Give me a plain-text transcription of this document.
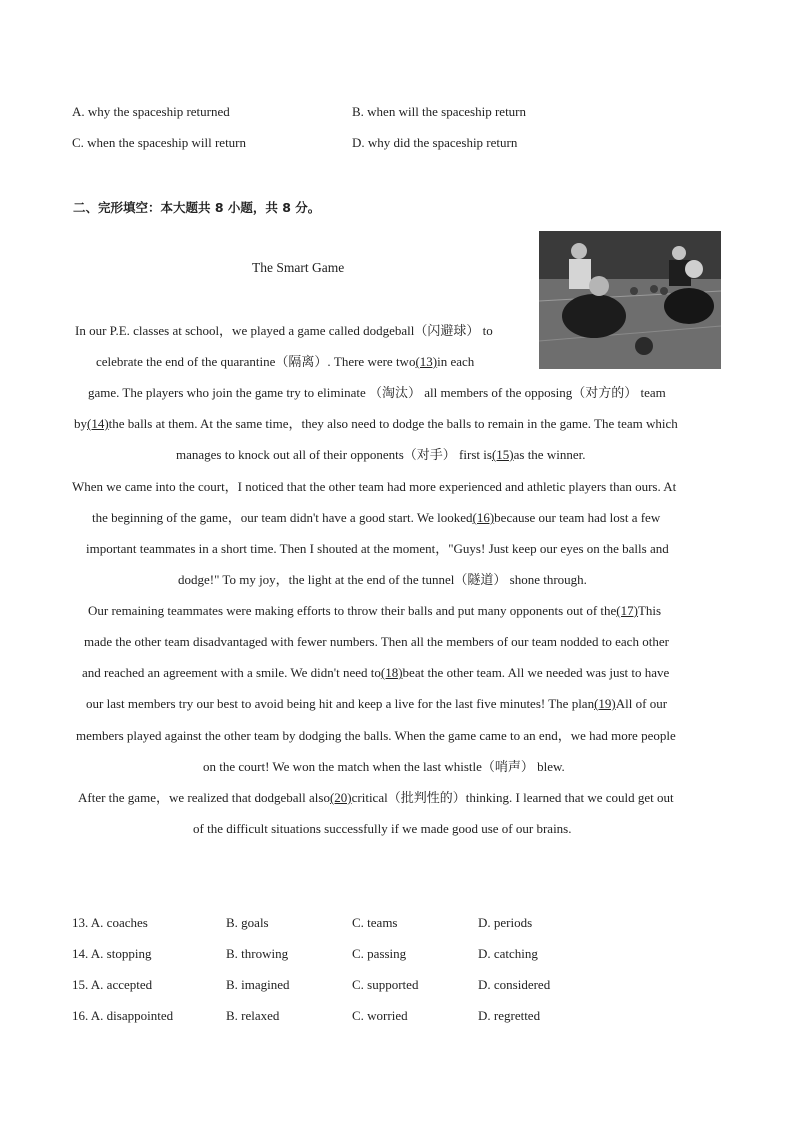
A. why the spaceship returned	B. when will the spaceship return
C. when the spaceship will return	D. why did the spaceship return
二、完形填空：本大题共 8 小题，共 8 分。
The Smart Game
In our P.E. classes at school，we played a game called dodgeball（闪避球） to
celebrate the end of the quarantine（隔离）. There were two(13)in each
game. The players who join the game try to eliminate （淘汰） all members of the opposing（对方的） team
by(14)the balls at them. At the same time，they also need to dodge the balls to remain in the game. The team which
manages to knock out all of their opponents（对手） first is(15)as the winner.
When we came into the court，I noticed that the other team had more experienced and athletic players than ours. At
the beginning of the game，our team didn't have a good start. We looked(16)because our team had lost a few
important teammates in a short time. Then I shouted at the moment，"Guys! Just keep our eyes on the balls and
dodge!" To my joy，the light at the end of the tunnel（隧道） shone through.
Our remaining teammates were making efforts to throw their balls and put many opponents out of the(17)This
made the other team disadvantaged with fewer numbers. Then all the members of our team nodded to each other
and reached an agreement with a smile. We didn't need to(18)beat the other team. All we needed was just to have
our last members try our best to avoid being hit and keep a live for the last five minutes! The plan(19)All of our
members played against the other team by dodging the balls. When the game came to an end，we had more people
on the court! We won the match when the last whistle（哨声） blew.
After the game，we realized that dodgeball also(20)critical（批判性的）thinking. I learned that we could get out
of the difficult situations successfully if we made good use of our brains.
13. A. coaches	B. goals	C. teams	D. periods
14. A. stopping	B. throwing	C. passing	D. catching
15. A. accepted	B. imagined	C. supported	D. considered
16. A. disappointed	B. relaxed	C. worried	D. regretted
